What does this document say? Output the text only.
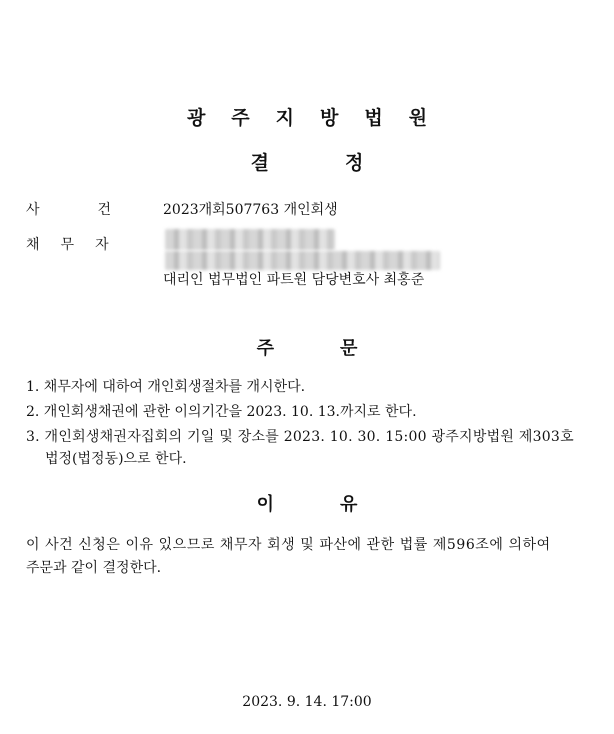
광주지방법원
결정
사	건	2023개회507763 개인회생
채 무 자
대리인 법무법인 파트원 담당변호사 최홍준
주문
1. 채무자에 대하여 개인회생절차를 개시한다.
2. 개인회생채권에 관한 이의기간을 2023. 10. 13.까지로 한다.
3. 개인회생채권자집회의 기일 및 장소를 2023. 10. 30. 15:00 광주지방법원 제303호
법정(법정동)으로 한다.
이유
이 사건 신청은 이유 있으므로 채무자 회생 및 파산에 관한 법률 제596조에 의하여
주문과 같이 결정한다.
2023. 9. 14. 17:00
